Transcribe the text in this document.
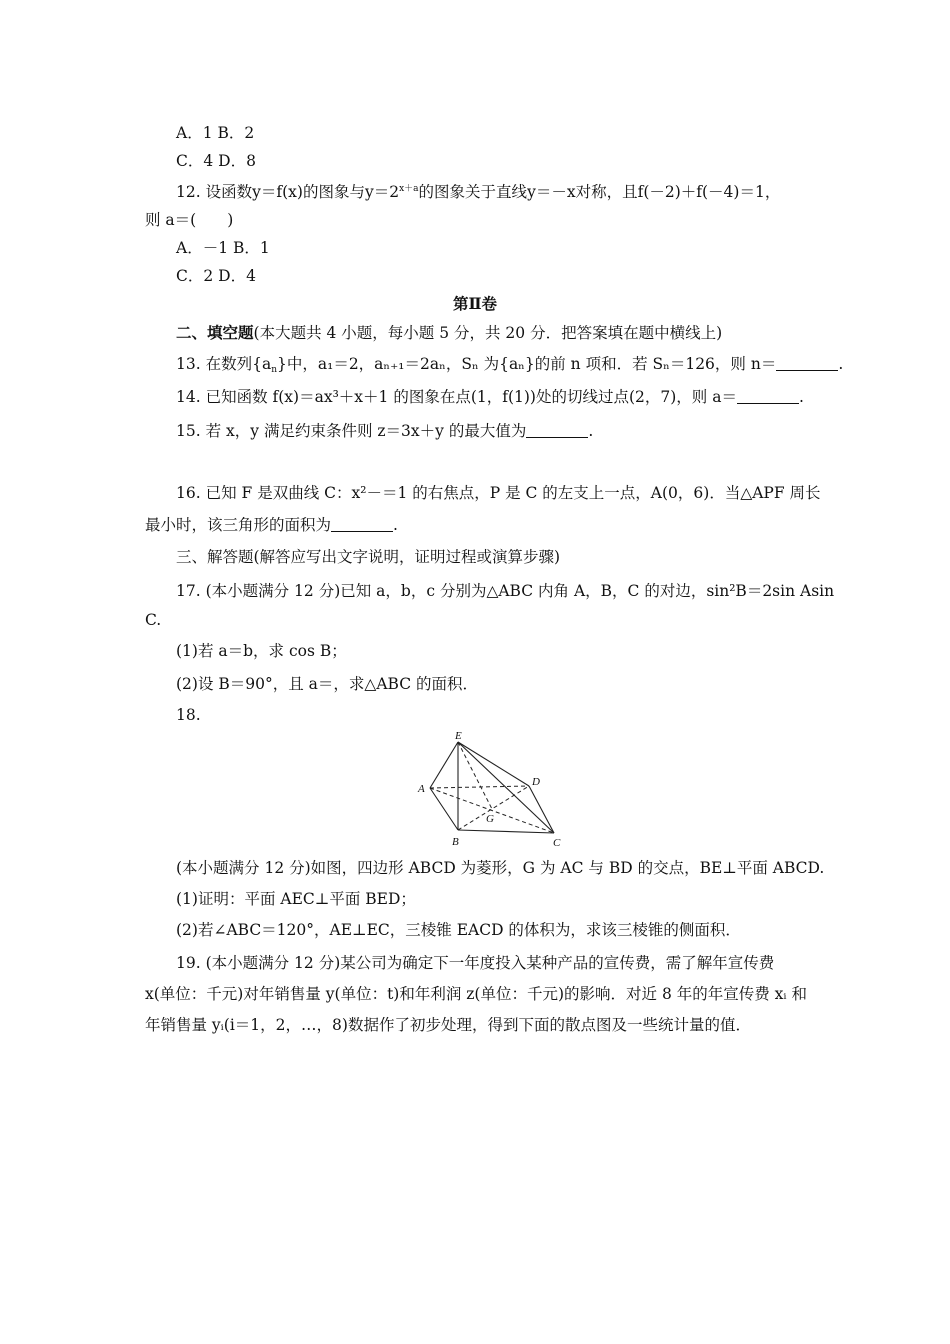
A．1 B．2
C．4 D．8
12. 设函数y＝f(x)的图象与$y=2^{x+a}$的图象关于直线y＝－x对称，且f(－2)＋f(－4)＝1，
则 a＝(　　)
A．－1 B．1
C．2 D．4
第Ⅱ卷
二、填空题(本大题共 4 小题，每小题 5 分，共 20 分．把答案填在题中横线上)
13. 在数列$\{a_n\}$中，a₁＝2，aₙ₊₁＝2aₙ，Sₙ 为{aₙ}的前 n 项和．若 Sₙ＝126，则 n＝	.
14. 已知函数 f(x)＝ax³＋x＋1 的图象在点(1，f(1))处的切线过点(2，7)，则 a＝	.
15. 若 x，y 满足约束条件则 z＝3x＋y 的最大值为	.
16. 已知 F 是双曲线 C：x²－＝1 的右焦点，P 是 C 的左支上一点，A(0，6)．当△APF 周长
最小时，该三角形的面积为	.
三、解答题(解答应写出文字说明，证明过程或演算步骤)
17. (本小题满分 12 分)已知 a，b，c 分别为△ABC 内角 A，B，C 的对边，sin²B＝2sin Asin
C.
(1)若 a＝b，求 cos B；
(2)设 B＝90°，且 a＝，求△ABC 的面积．
18.
E
A
D
G
B	C
(本小题满分 12 分)如图，四边形 ABCD 为菱形，G 为 AC 与 BD 的交点，BE⊥平面 ABCD.
(1)证明：平面 AEC⊥平面 BED；
(2)若∠ABC＝120°，AE⊥EC，三棱锥 EACD 的体积为，求该三棱锥的侧面积．
19. (本小题满分 12 分)某公司为确定下一年度投入某种产品的宣传费，需了解年宣传费
x(单位：千元)对年销售量 y(单位：t)和年利润 z(单位：千元)的影响．对近 8 年的年宣传费 xᵢ 和
年销售量 yᵢ(i＝1，2，…，8)数据作了初步处理，得到下面的散点图及一些统计量的值．
